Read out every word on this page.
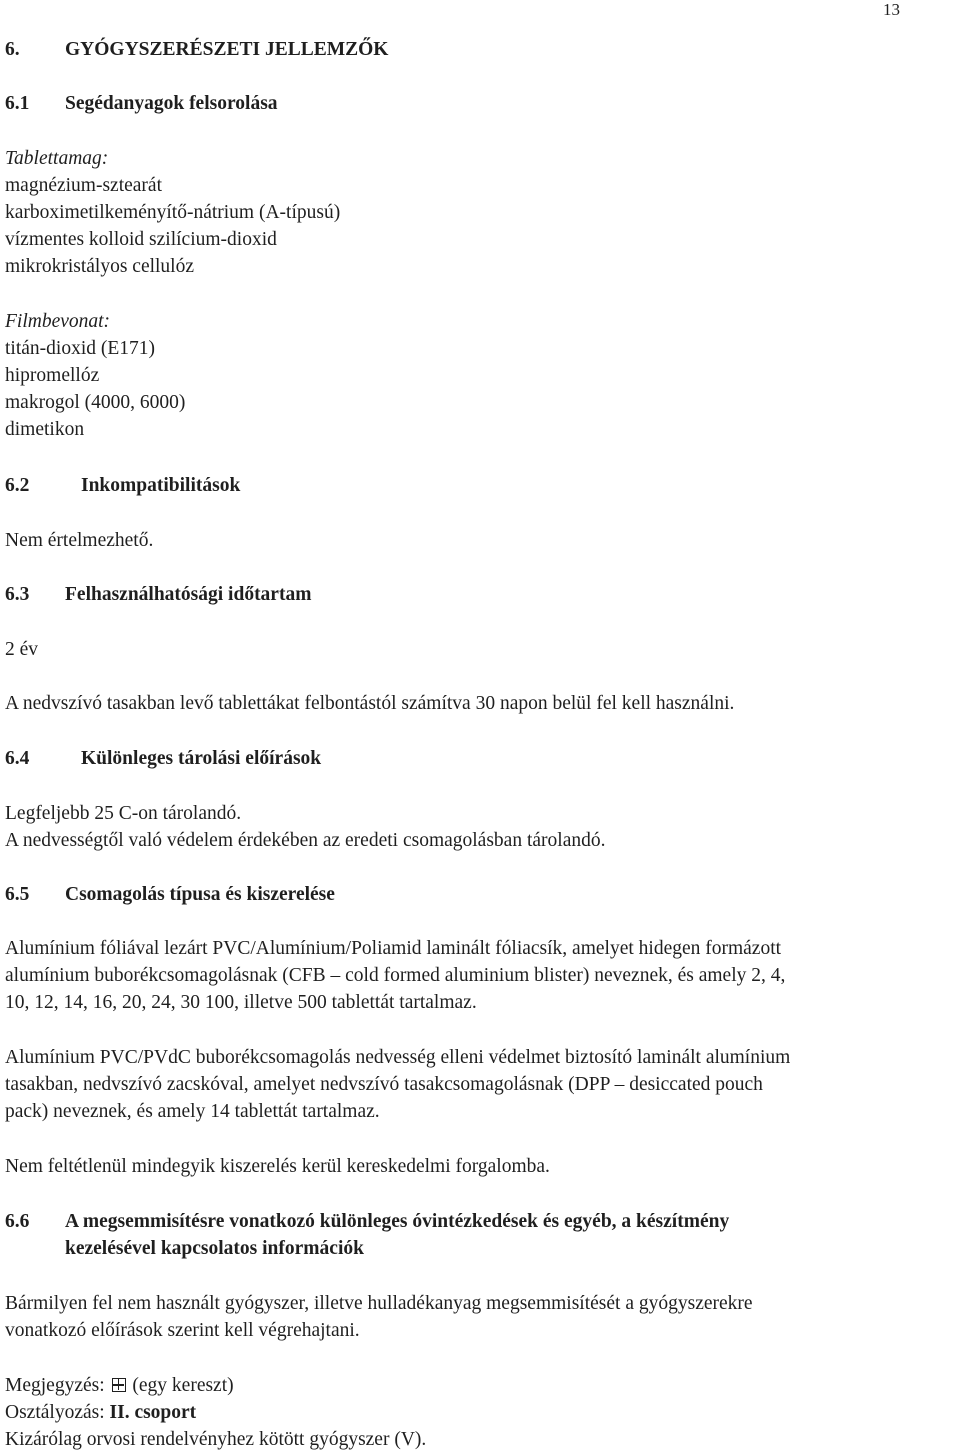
13
6. GYÓGYSZERÉSZETI JELLEMZŐK
6.1 Segédanyagok felsorolása
Tablettamag:
magnézium-sztearát
karboximetilkeményítő-nátrium (A-típusú)
vízmentes kolloid szilícium-dioxid
mikrokristályos cellulóz
Filmbevonat:
titán-dioxid (E171)
hipromellóz
makrogol (4000, 6000)
dimetikon
6.2	Inkompatibilitások
Nem értelmezhető.
6.3 Felhasználhatósági időtartam
2 év
A nedvszívó tasakban levő tablettákat felbontástól számítva 30 napon belül fel kell használni.
6.4	Különleges tárolási előírások
Legfeljebb 25 C-on tárolandó.
A nedvességtől való védelem érdekében az eredeti csomagolásban tárolandó.
6.5 Csomagolás típusa és kiszerelése
Alumínium fóliával lezárt PVC/Alumínium/Poliamid laminált fóliacsík, amelyet hidegen formázott
alumínium buborékcsomagolásnak (CFB – cold formed aluminium blister) neveznek, és amely 2, 4,
10, 12, 14, 16, 20, 24, 30 100, illetve 500 tablettát tartalmaz.
Alumínium PVC/PVdC buborékcsomagolás nedvesség elleni védelmet biztosító laminált alumínium
tasakban, nedvszívó zacskóval, amelyet nedvszívó tasakcsomagolásnak (DPP – desiccated pouch
pack) neveznek, és amely 14 tablettát tartalmaz.
Nem feltétlenül mindegyik kiszerelés kerül kereskedelmi forgalomba.
6.6 A megsemmisítésre vonatkozó különleges óvintézkedések és egyéb, a készítmény
kezelésével kapcsolatos információk
Bármilyen fel nem használt gyógyszer, illetve hulladékanyag megsemmisítését a gyógyszerekre
vonatkozó előírások szerint kell végrehajtani.
Megjegyzés: (egy kereszt)
Osztályozás: II. csoport
Kizárólag orvosi rendelvényhez kötött gyógyszer (V).
